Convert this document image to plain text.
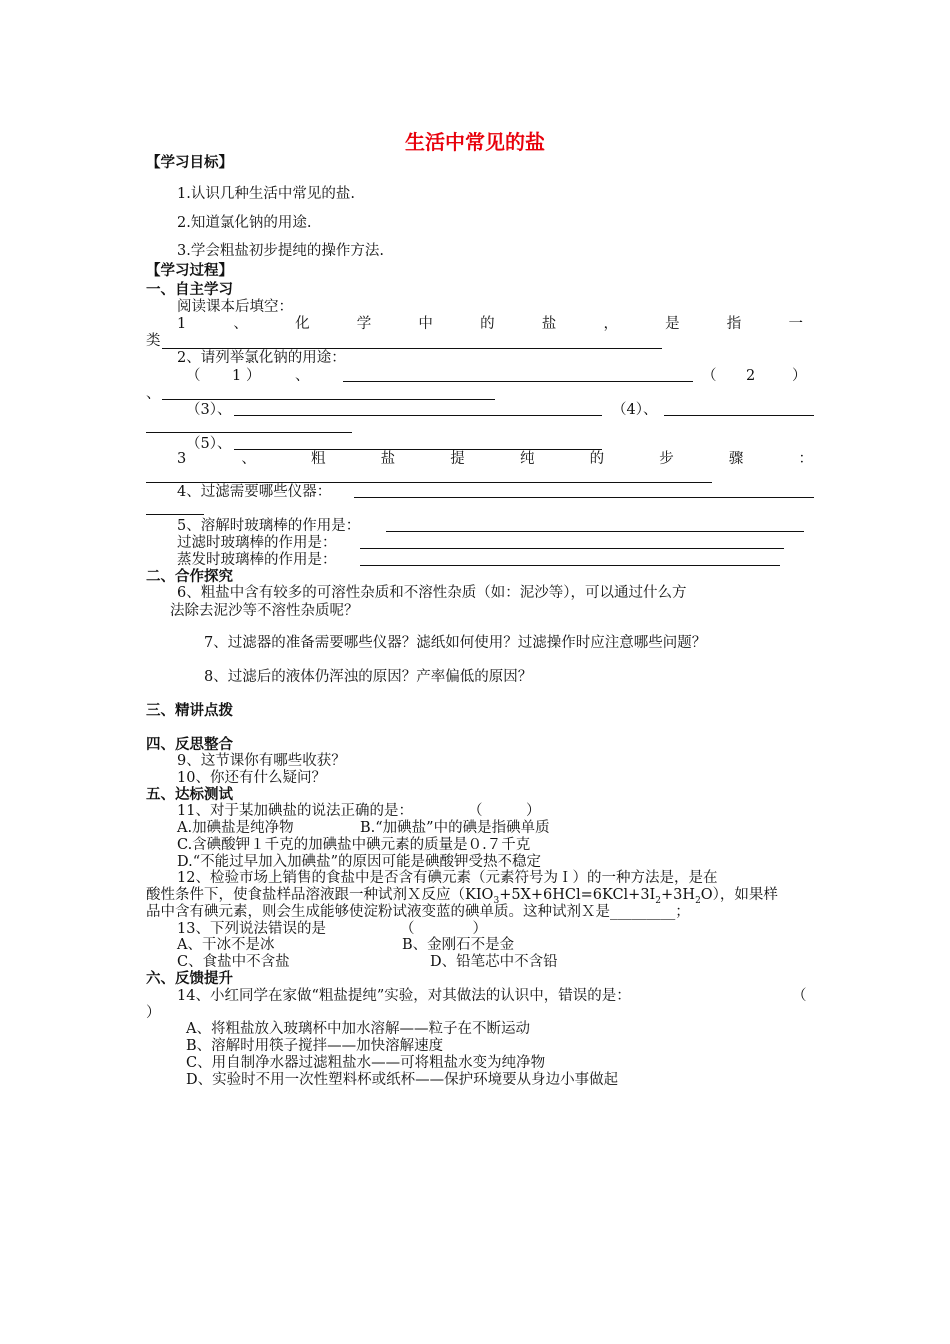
生活中常见的盐
【学习目标】
1.认识几种生活中常见的盐.
2.知道氯化钠的用途.
3.学会粗盐初步提纯的操作方法.
【学习过程】
一、自主学习
阅读课本后填空：
1	、	化	学	中	的	盐	，	是	指	一
类
2、请列举氯化钠的用途：
（ 1 ） 、	（ 2	）
、
（3）、	（4）、
（5）、
3	、	粗	盐	提	纯	的	步	骤	：
4、过滤需要哪些仪器：
5、溶解时玻璃棒的作用是：
过滤时玻璃棒的作用是：
蒸发时玻璃棒的作用是：
二、合作探究
6、粗盐中含有较多的可溶性杂质和不溶性杂质（如：泥沙等），可以通过什么方
法除去泥沙等不溶性杂质呢？
7、过滤器的准备需要哪些仪器？滤纸如何使用？过滤操作时应注意哪些问题？
8、过滤后的液体仍浑浊的原因？产率偏低的原因？
三、精讲点拨
四、反思整合
9、这节课你有哪些收获？
10、你还有什么疑问？
五、达标测试
11、对于某加碘盐的说法正确的是：	（　　　）
A.加碘盐是纯净物	B.“加碘盐”中的碘是指碘单质
C.含碘酸钾１千克的加碘盐中碘元素的质量是０.７千克
D.“不能过早加入加碘盐”的原因可能是碘酸钾受热不稳定
12、检验市场上销售的食盐中是否含有碘元素（元素符号为Ｉ）的一种方法是，是在
酸性条件下，使食盐样品溶液跟一种试剂Ｘ反应$(KIO_3+5X+6HCl=6KCl+3I_2+3H_2O)$，如果样
品中含有碘元素，则会生成能够使淀粉试液变蓝的碘单质。这种试剂Ｘ是_________；
13、下列说法错误的是	（　　　　）
A、干冰不是冰	B、金刚石不是金
C、食盐中不含盐	D、铅笔芯中不含铅
六、反馈提升
14、小红同学在家做“粗盐提纯”实验，对其做法的认识中，错误的是：	（
）
A、将粗盐放入玻璃杯中加水溶解——粒子在不断运动
B、溶解时用筷子搅拌——加快溶解速度
C、用自制净水器过滤粗盐水——可将粗盐水变为纯净物
D、实验时不用一次性塑料杯或纸杯——保护环境要从身边小事做起
